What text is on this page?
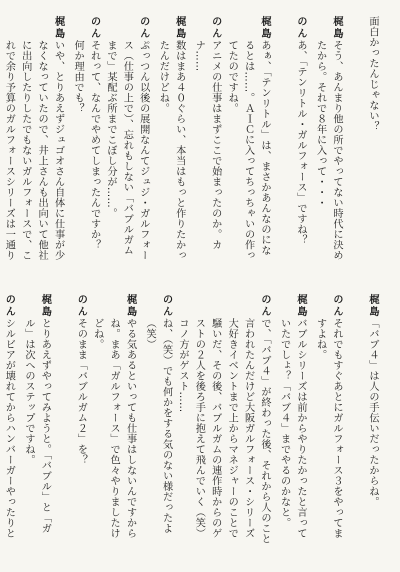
面白かったんじゃない？
梶島
そう、あんまり他の所でやってない時代に決めたから。それで８年に入って・・・
のん
あ、「テンリトル・ガルフォース」ですね？
梶島
あぁ、「テンリトル」は、まさかあんなのになるとは……。ＡＩＣに入ってちっちゃいの作ってたのですね。
のん
アニメの仕事はまずここで始まったのか。カナ……
梶島
数はまあ４０ぐらい、本当はもっと作りたかったんだけどね。
のん
ぷっつん以後の展開なんてジュジ・ガルフォース（仕事の上で）、忘れもしない「バブルガムまで」某配ぶ所までこぼし分が……。
のん
それって、なんでやめてしまったんですか？　何か理由でも？
梶島
いや、とりあえずジュゴオさん自体に仕事が少なくなっていたので、井上さんも出向いて他社に出向したりしたでもないガルフォースで、これで余り予算のガルフォースシリーズは一通り
梶島
「バブ４」は人の手伝いだったからね。
のん
それでもすぐあとにガルフォース３をやってますよね。
梶島
バブルシリーズは前からやりたかったと言っていたでしょ？「バブ４」までやるのかなと。
のん
で、「バブ４」が終わった後、それから人のこと言われたんだけど大阪ガルフォース・シリーズ大好きイベントまで上からマネジャーのことで騒いだ、その後、バブルガムの連作時からのゲストの２人を後ろ手に抱えて飛んでいく（笑）コノ方がゲスト……
のん
ね、（笑）でも何かをする気のない様だったよ（笑）
梶島
やる気あるといっても仕事はしないんですからね。まあ「ガルフォース」で色々やりましたけどね。
のん
そのまま「バブルガム２」を？
梶島
とりあえずやってみようと。「バブル」と「ガル」は次へのステップですね。
のん
シルビアが壊れてからハンバーガーやったりと
